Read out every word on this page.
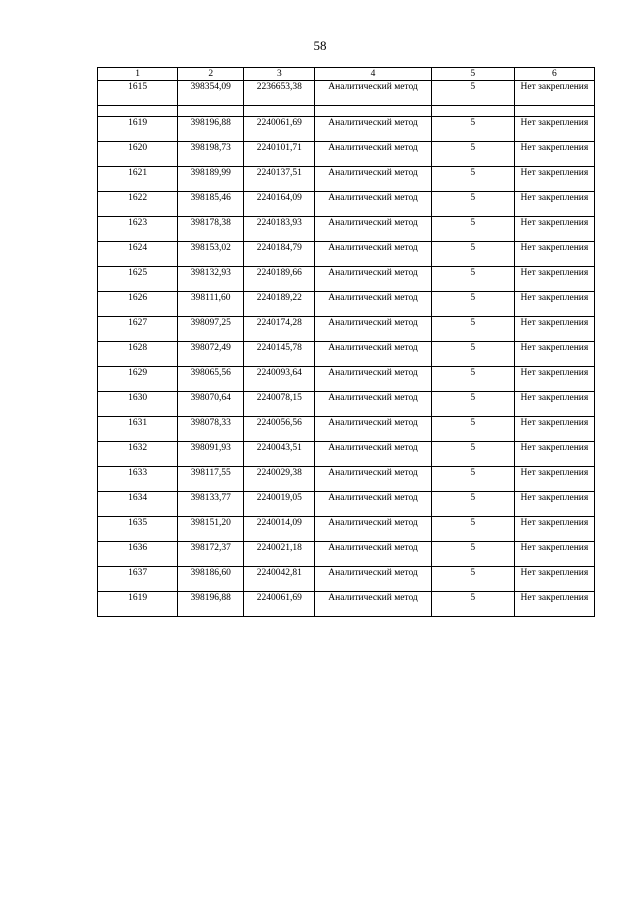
58
1	2	3	4	5	6
1615	398354,09	2236653,38	Аналитический метод	5	Нет закрепления

1619	398196,88	2240061,69	Аналитический метод	5	Нет закрепления
1620	398198,73	2240101,71	Аналитический метод	5	Нет закрепления
1621	398189,99	2240137,51	Аналитический метод	5	Нет закрепления
1622	398185,46	2240164,09	Аналитический метод	5	Нет закрепления
1623	398178,38	2240183,93	Аналитический метод	5	Нет закрепления
1624	398153,02	2240184,79	Аналитический метод	5	Нет закрепления
1625	398132,93	2240189,66	Аналитический метод	5	Нет закрепления
1626	398111,60	2240189,22	Аналитический метод	5	Нет закрепления
1627	398097,25	2240174,28	Аналитический метод	5	Нет закрепления
1628	398072,49	2240145,78	Аналитический метод	5	Нет закрепления
1629	398065,56	2240093,64	Аналитический метод	5	Нет закрепления
1630	398070,64	2240078,15	Аналитический метод	5	Нет закрепления
1631	398078,33	2240056,56	Аналитический метод	5	Нет закрепления
1632	398091,93	2240043,51	Аналитический метод	5	Нет закрепления
1633	398117,55	2240029,38	Аналитический метод	5	Нет закрепления
1634	398133,77	2240019,05	Аналитический метод	5	Нет закрепления
1635	398151,20	2240014,09	Аналитический метод	5	Нет закрепления
1636	398172,37	2240021,18	Аналитический метод	5	Нет закрепления
1637	398186,60	2240042,81	Аналитический метод	5	Нет закрепления
1619	398196,88	2240061,69	Аналитический метод	5	Нет закрепления
